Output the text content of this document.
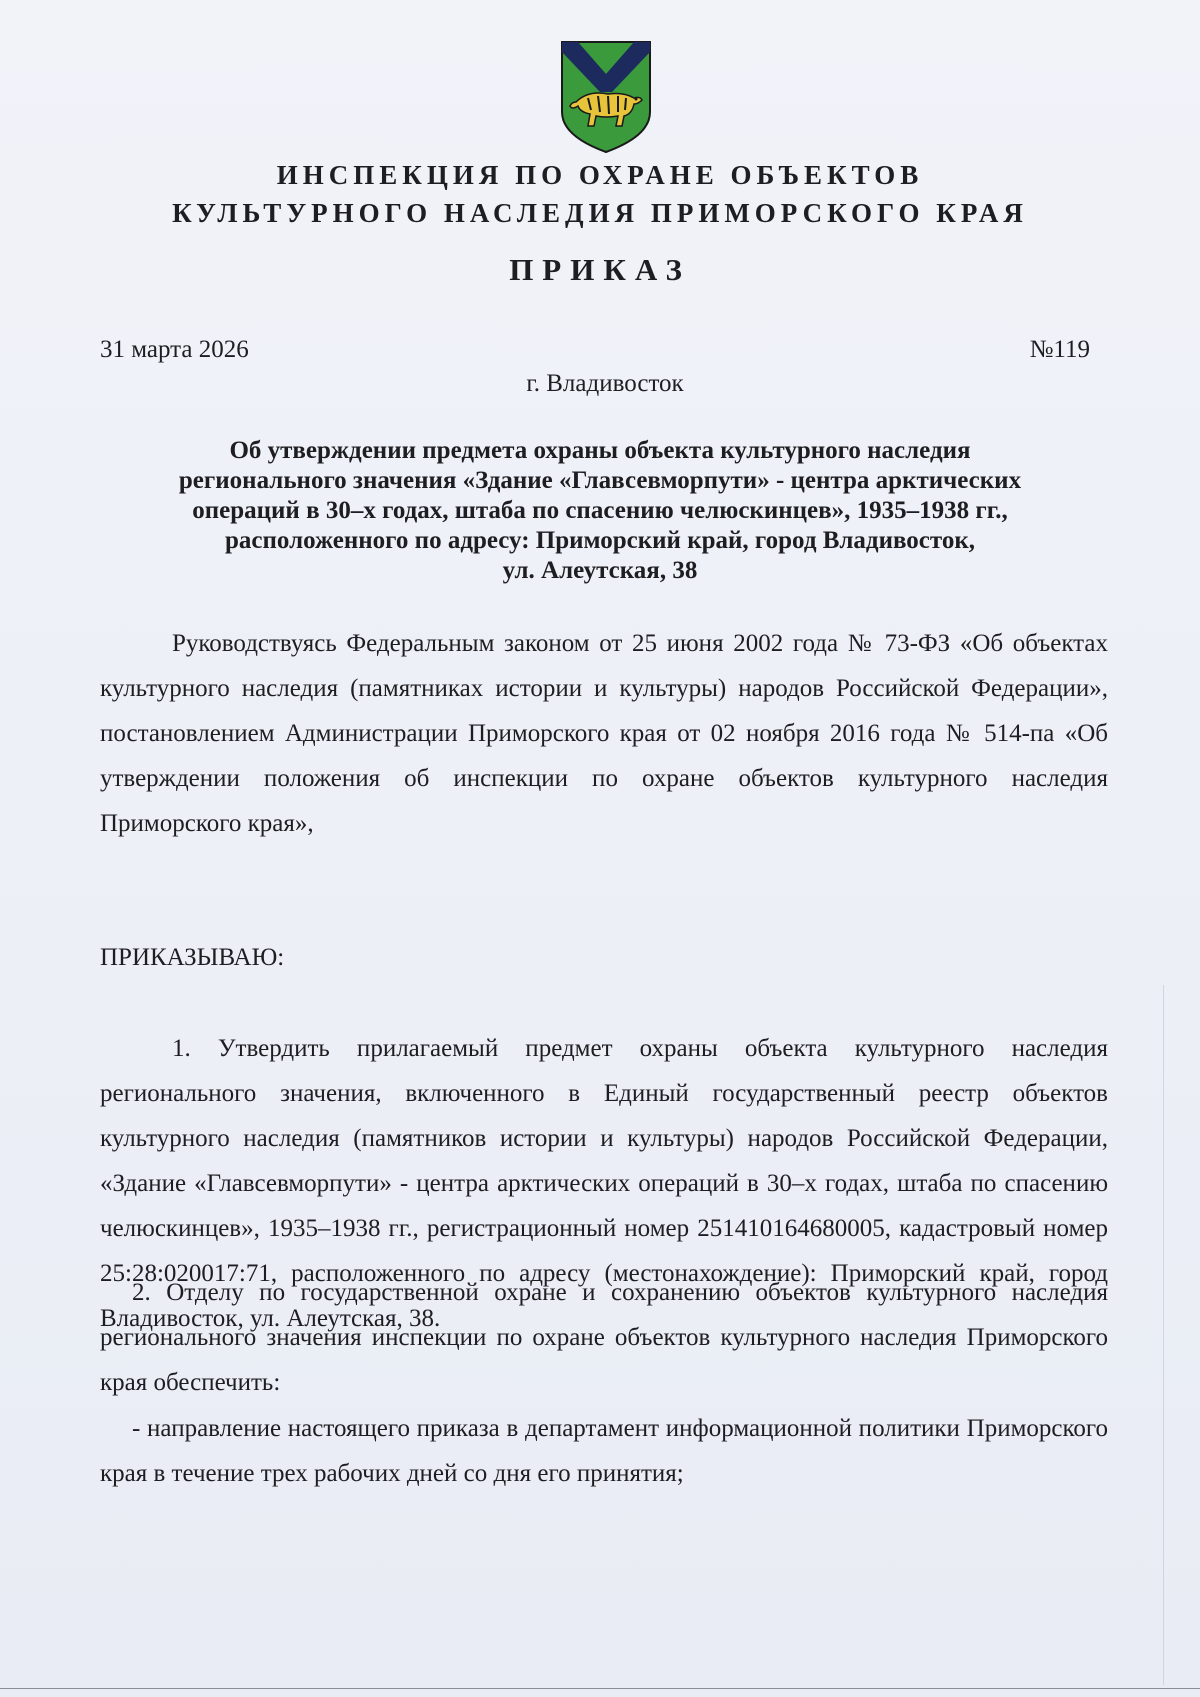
ИНСПЕКЦИЯ ПО ОХРАНЕ ОБЪЕКТОВ
КУЛЬТУРНОГО НАСЛЕДИЯ ПРИМОРСКОГО КРАЯ
ПРИКАЗ
31 марта 2026	№119
г. Владивосток
Об утверждении предмета охраны объекта культурного наследия
регионального значения «Здание «Главсевморпути» - центра арктических
операций в 30–х годах, штаба по спасению челюскинцев», 1935–1938 гг.,
расположенного по адресу: Приморский край, город Владивосток,
ул. Алеутская, 38
Руководствуясь Федеральным законом от 25 июня 2002 года № 73-ФЗ «Об объектах культурного наследия (памятниках истории и культуры) народов Российской Федерации», постановлением Администрации Приморского края от 02 ноября 2016 года № 514-па «Об утверждении положения об инспекции по охране объектов культурного наследия Приморского края»,
ПРИКАЗЫВАЮ:
1. Утвердить прилагаемый предмет охраны объекта культурного наследия регионального значения, включенного в Единый государственный реестр объектов культурного наследия (памятников истории и культуры) народов Российской Федерации, «Здание «Главсевморпути» - центра арктических операций в 30–х годах, штаба по спасению челюскинцев», 1935–1938 гг., регистрационный номер 251410164680005, кадастровый номер 25:28:020017:71, расположенного по адресу (местонахождение): Приморский край, город Владивосток, ул. Алеутская, 38.
2. Отделу по государственной охране и сохранению объектов культурного наследия регионального значения инспекции по охране объектов культурного наследия Приморского края обеспечить:
- направление настоящего приказа в департамент информационной политики Приморского края в течение трех рабочих дней со дня его принятия;
